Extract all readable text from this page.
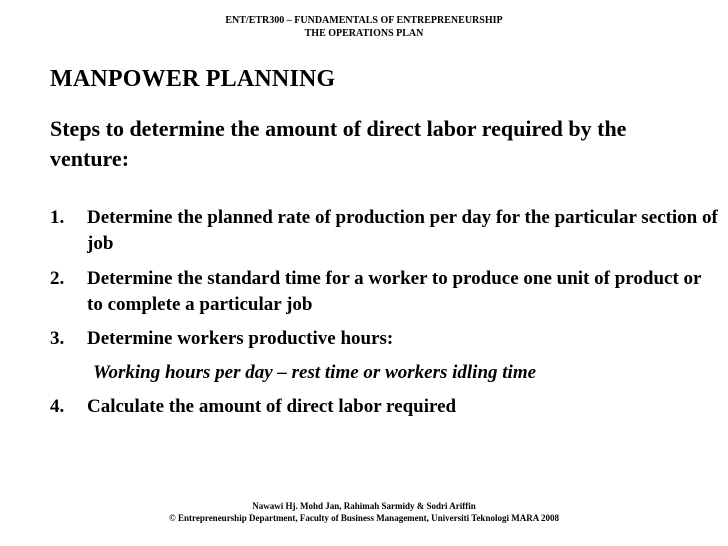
ENT/ETR300 – FUNDAMENTALS OF ENTREPRENEURSHIP
THE OPERATIONS PLAN
MANPOWER PLANNING
Steps to determine the amount of direct labor required by the venture:
1. Determine the planned rate of production per day for the particular section of job
2. Determine the standard time for a worker to produce one unit of product or to complete a particular job
3. Determine workers productive hours:
Working hours per day – rest time or workers idling time
4. Calculate the amount of direct labor required
Nawawi Hj. Mohd Jan, Rahimah Sarmidy & Sodri Ariffin
© Entrepreneurship Department, Faculty of Business Management, Universiti Teknologi MARA 2008
